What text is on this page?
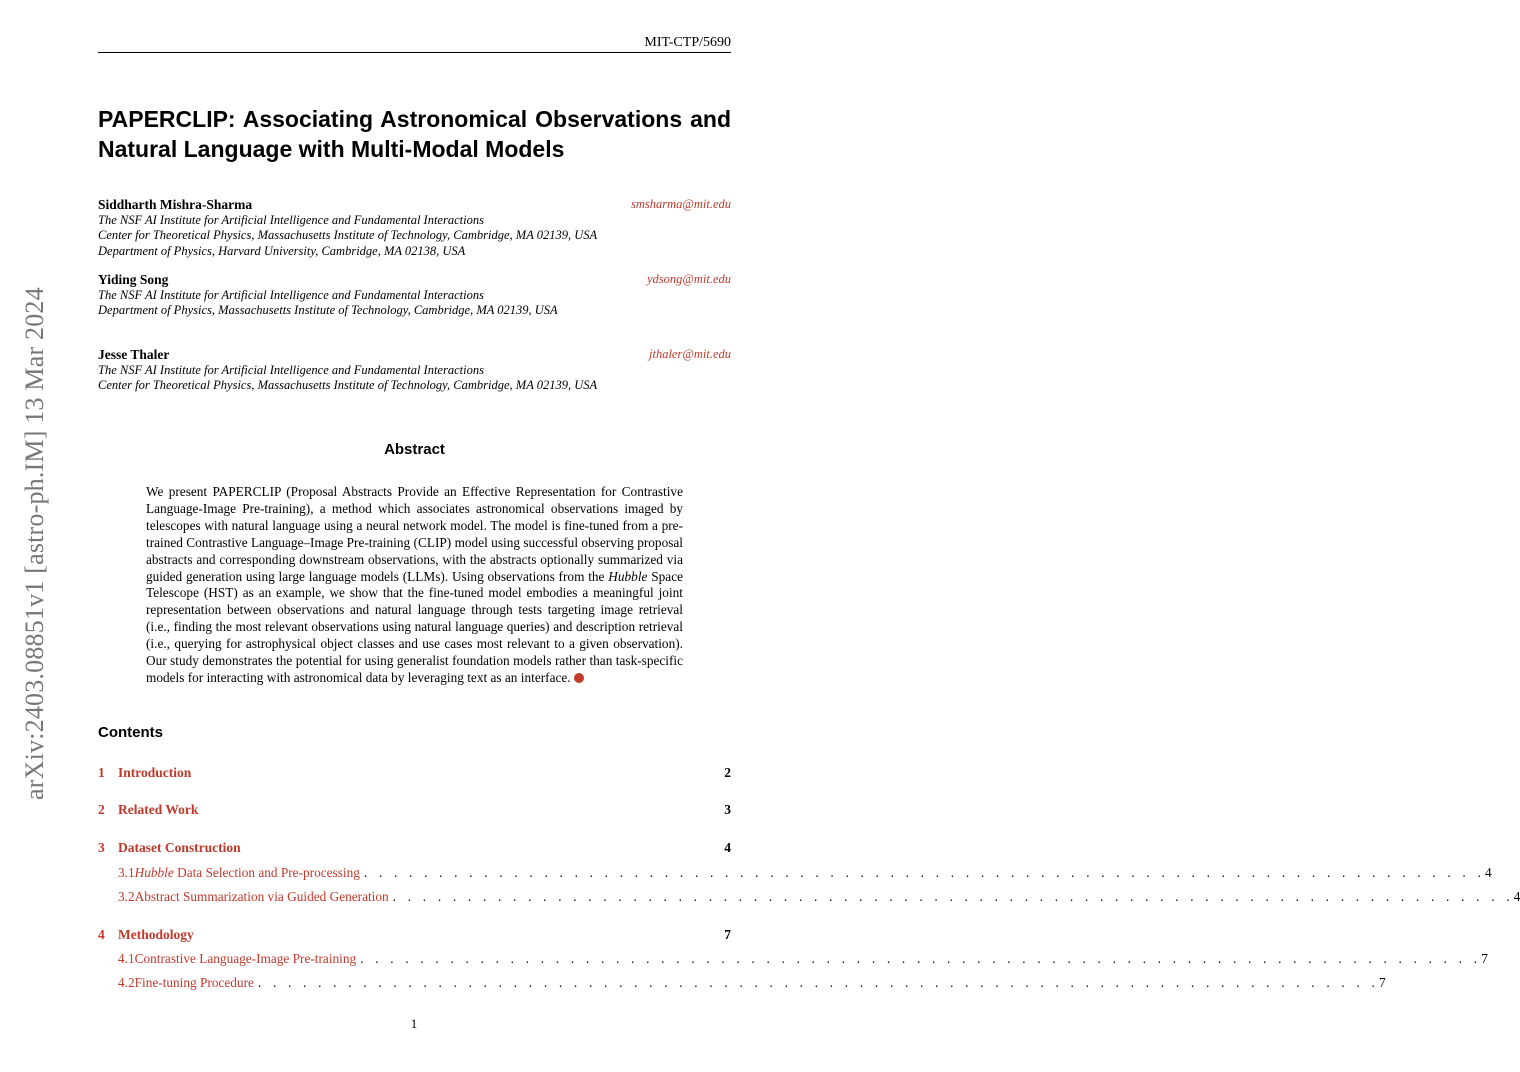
MIT-CTP/5690
arXiv:2403.08851v1 [astro-ph.IM] 13 Mar 2024
PAPERCLIP: Associating Astronomical Observations and Natural Language with Multi-Modal Models
Siddharth Mishra-Sharma	smsharma@mit.edu
The NSF AI Institute for Artificial Intelligence and Fundamental Interactions
Center for Theoretical Physics, Massachusetts Institute of Technology, Cambridge, MA 02139, USA
Department of Physics, Harvard University, Cambridge, MA 02138, USA
Yiding Song	ydsong@mit.edu
The NSF AI Institute for Artificial Intelligence and Fundamental Interactions
Department of Physics, Massachusetts Institute of Technology, Cambridge, MA 02139, USA
Jesse Thaler	jthaler@mit.edu
The NSF AI Institute for Artificial Intelligence and Fundamental Interactions
Center for Theoretical Physics, Massachusetts Institute of Technology, Cambridge, MA 02139, USA
Abstract

We present PAPERCLIP (Proposal Abstracts Provide an Effective Representation for Contrastive Language-Image Pre-training), a method which associates astronomical observations imaged by telescopes with natural language using a neural network model. The model is fine-tuned from a pre-trained Contrastive Language–Image Pre-training (CLIP) model using successful observing proposal abstracts and corresponding downstream observations, with the abstracts optionally summarized via guided generation using large language models (LLMs). Using observations from the Hubble Space Telescope (HST) as an example, we show that the fine-tuned model embodies a meaningful joint representation between observations and natural language through tests targeting image retrieval (i.e., finding the most relevant observations using natural language queries) and description retrieval (i.e., querying for astrophysical object classes and use cases most relevant to a given observation). Our study demonstrates the potential for using generalist foundation models rather than task-specific models for interacting with astronomical data by leveraging text as an interface.

Contents
1 Introduction	2
2 Related Work	3
3 Dataset Construction	4
3.1 Hubble Data Selection and Pre-processing . . . . . . . . . . . . . . . . . . . . . . . . . . . . . . . . . . . . . . . . . . . . . . . . . . . . . . . . . . . . . . . . . . . . . . . . . . . 4
3.2 Abstract Summarization via Guided Generation . . . . . . . . . . . . . . . . . . . . . . . . . . . . . . . . . . . . . . . . . . . . . . . . . . . . . . . . . . . . . . . . . . . . . . . . . . . 4
4 Methodology	7
4.1 Contrastive Language-Image Pre-training . . . . . . . . . . . . . . . . . . . . . . . . . . . . . . . . . . . . . . . . . . . . . . . . . . . . . . . . . . . . . . . . . . . . . . . . . . . 7
4.2 Fine-tuning Procedure . . . . . . . . . . . . . . . . . . . . . . . . . . . . . . . . . . . . . . . . . . . . . . . . . . . . . . . . . . . . . . . . . . . . . . . . . . . 7
1
